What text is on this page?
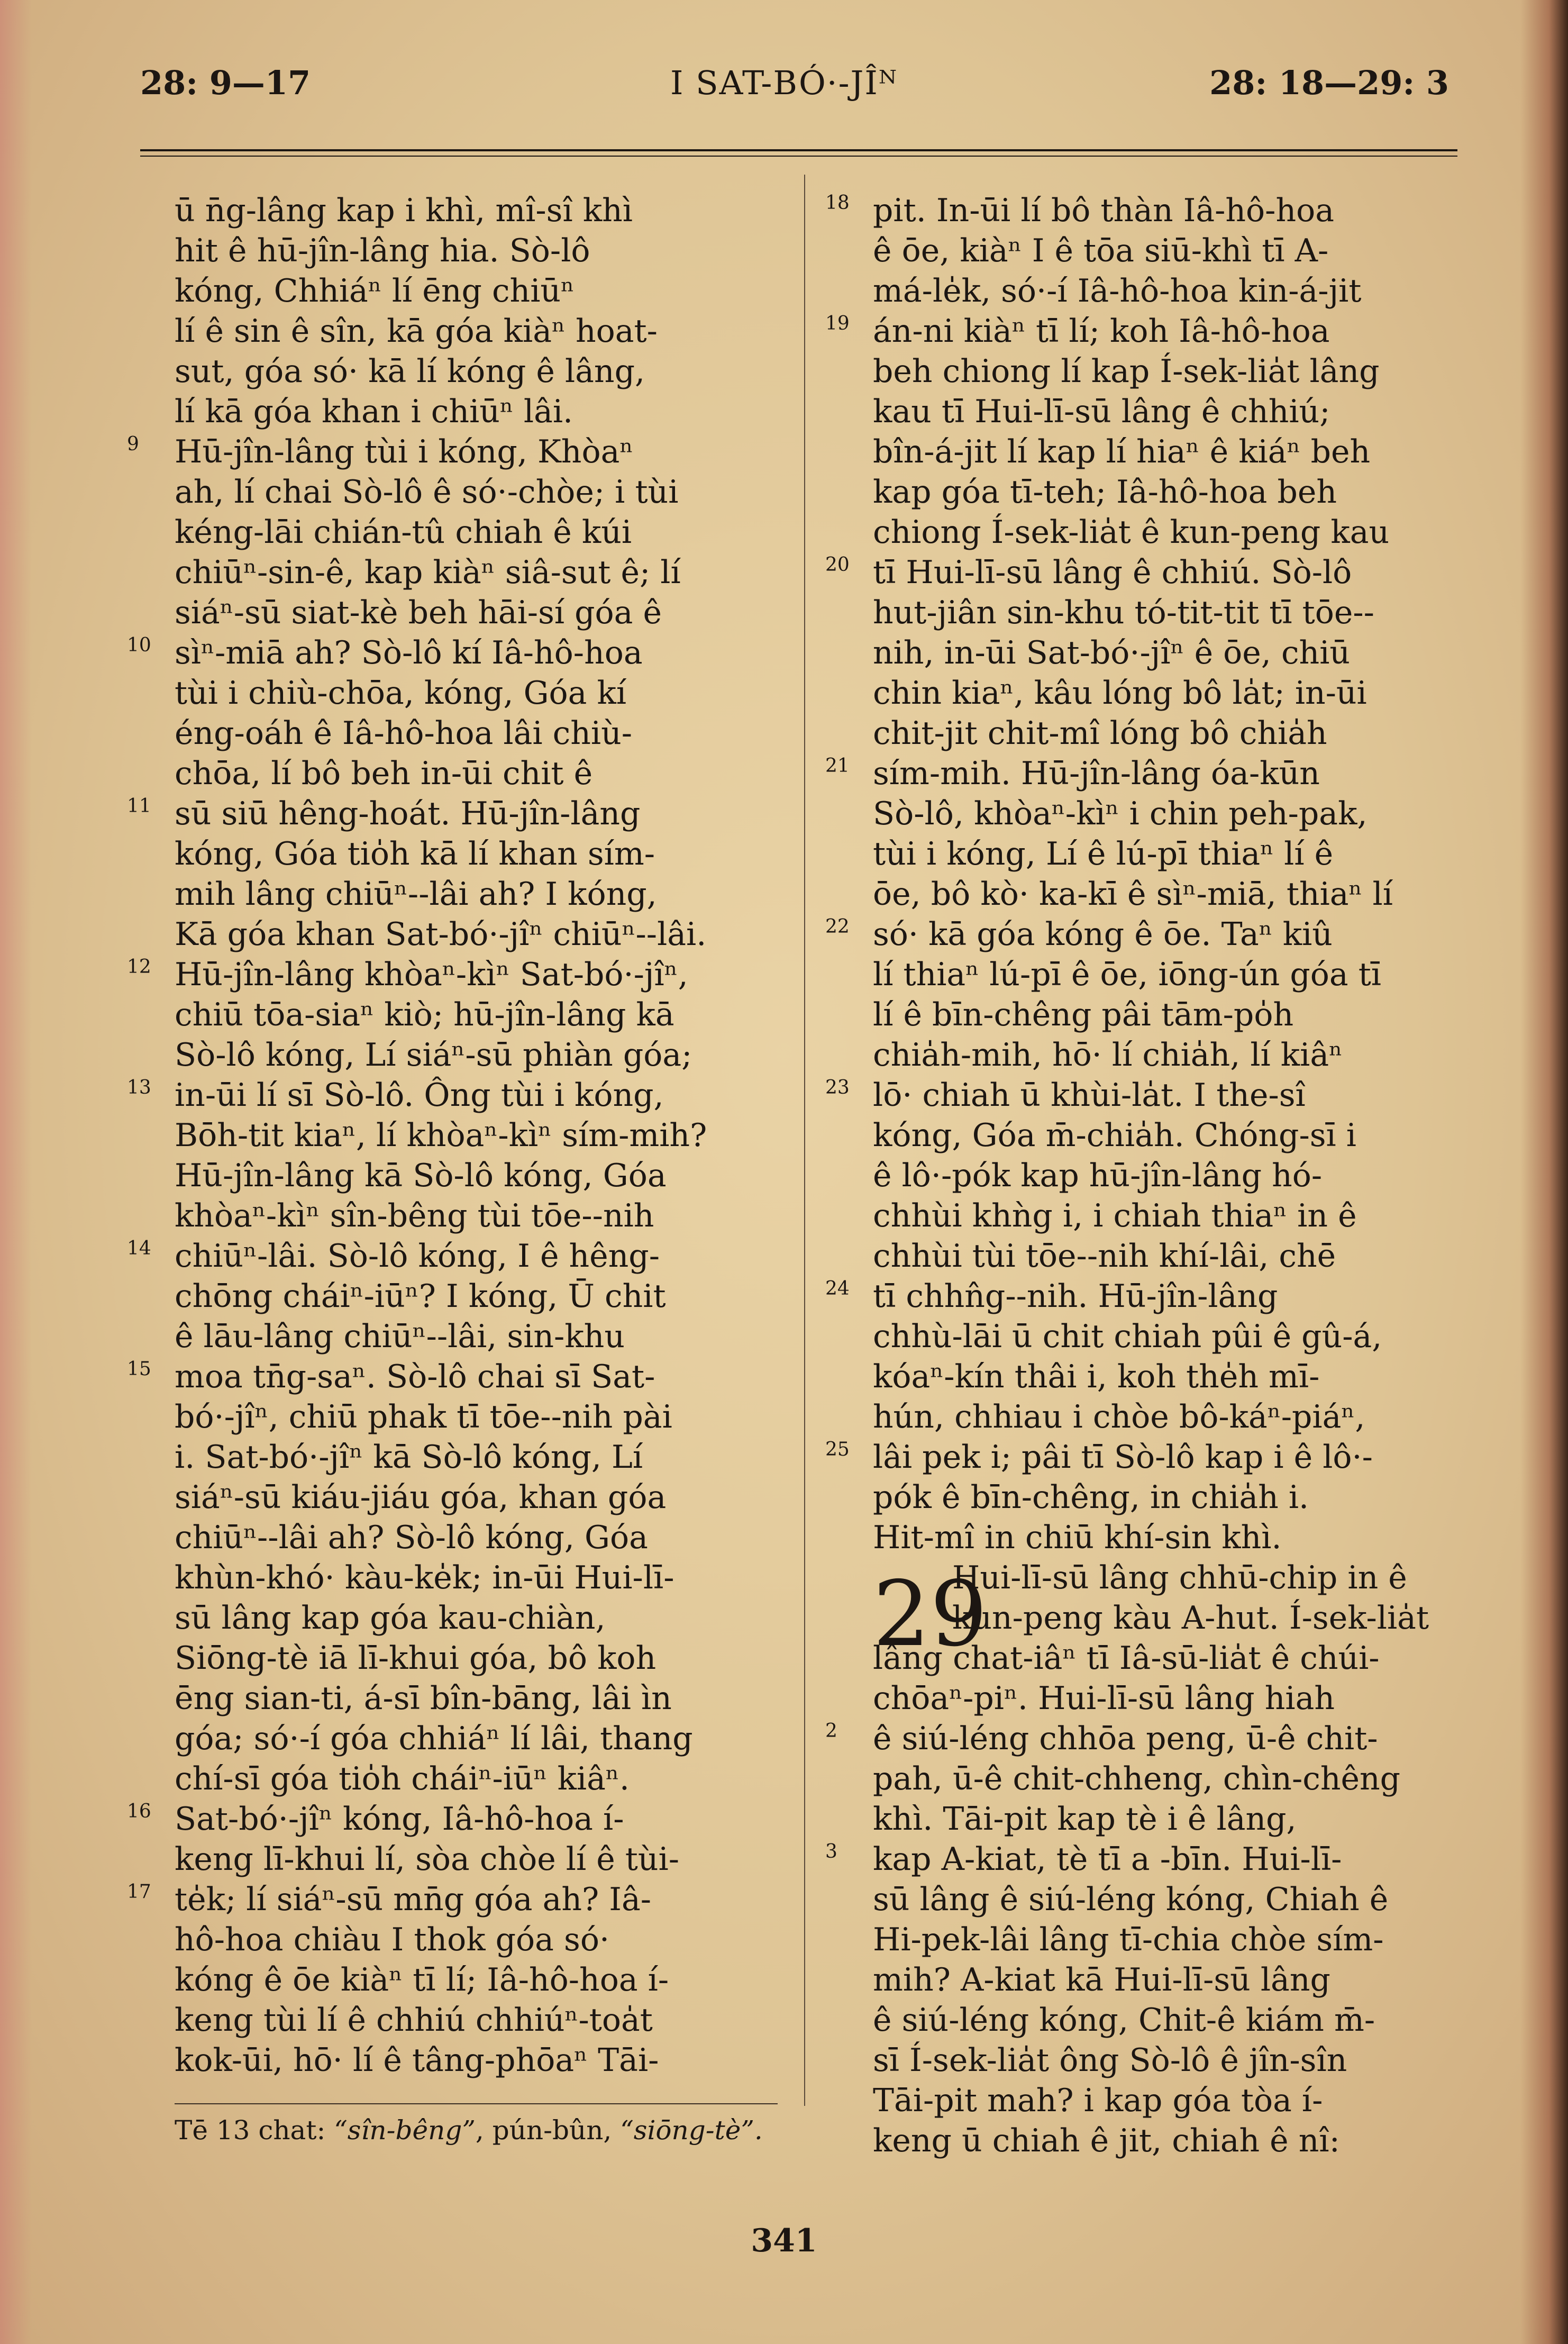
I SAT-BÓ·-JÎᴺ
28: 9—17	28: 18—29: 3
ū n̄g-lâng kap i khì, mî-sî khì
hit ê hū-jîn-lâng hia. Sò-lô
kóng, Chhiáⁿ lí ēng chiūⁿ
lí ê sin ê sîn, kā góa kiàⁿ hoat-
sut, góa só· kā lí kóng ê lâng,
lí kā góa khan i chiūⁿ lâi.
9 Hū-jîn-lâng tùi i kóng, Khòaⁿ
ah, lí chai Sò-lô ê só·-chòe; i tùi
kéng-lāi chián-tû chiah ê kúi
chiūⁿ-sin-ê, kap kiàⁿ siâ-sut ê; lí
siáⁿ-sū siat-kè beh hāi-sí góa ê
10 sìⁿ-miā ah? Sò-lô kí Iâ-hô-hoa
tùi i chiù-chōa, kóng, Góa kí
éng-oáh ê Iâ-hô-hoa lâi chiù-
chōa, lí bô beh in-ūi chit ê
11 sū siū hêng-hoát. Hū-jîn-lâng
kóng, Góa tio̍h kā lí khan sím-
mih lâng chiūⁿ--lâi ah? I kóng,
Kā góa khan Sat-bó·-jîⁿ chiūⁿ--lâi.
12 Hū-jîn-lâng khòaⁿ-kìⁿ Sat-bó·-jîⁿ,
chiū tōa-siaⁿ kiò; hū-jîn-lâng kā
Sò-lô kóng, Lí siáⁿ-sū phiàn góa;
13 in-ūi lí sī Sò-lô. Ông tùi i kóng,
Bōh-tit kiaⁿ, lí khòaⁿ-kìⁿ sím-mih?
Hū-jîn-lâng kā Sò-lô kóng, Góa
khòaⁿ-kìⁿ sîn-bêng tùi tōe--nih
14 chiūⁿ-lâi. Sò-lô kóng, I ê hêng-
chōng cháiⁿ-iūⁿ? I kóng, Ū chit
ê lāu-lâng chiūⁿ--lâi, sin-khu
15 moa tn̄g-saⁿ. Sò-lô chai sī Sat-
bó·-jîⁿ, chiū phak tī tōe--nih pài
i. Sat-bó·-jîⁿ kā Sò-lô kóng, Lí
siáⁿ-sū kiáu-jiáu góa, khan góa
chiūⁿ--lâi ah? Sò-lô kóng, Góa
khùn-khó· kàu-ke̍k; in-ūi Hui-lī-
sū lâng kap góa kau-chiàn,
Siōng-tè iā lī-khui góa, bô koh
ēng sian-ti, á-sī bîn-bāng, lâi ìn
góa; só·-í góa chhiáⁿ lí lâi, thang
chí-sī góa tio̍h cháiⁿ-iūⁿ kiâⁿ.
16 Sat-bó·-jîⁿ kóng, Iâ-hô-hoa í-
keng lī-khui lí, sòa chòe lí ê tùi-
17 te̍k; lí siáⁿ-sū mn̄g góa ah? Iâ-
hô-hoa chiàu I thok góa só·
kóng ê ōe kiàⁿ tī lí; Iâ-hô-hoa í-
keng tùi lí ê chhiú chhiúⁿ-toa̍t
kok-ūi, hō· lí ê tâng-phōaⁿ Tāi-
18 pit. In-ūi lí bô thàn Iâ-hô-hoa
ê ōe, kiàⁿ I ê tōa siū-khì tī A-
má-le̍k, só·-í Iâ-hô-hoa kin-á-jit
19 án-ni kiàⁿ tī lí; koh Iâ-hô-hoa
beh chiong lí kap Í-sek-lia̍t lâng
kau tī Hui-lī-sū lâng ê chhiú;
bîn-á-jit lí kap lí hiaⁿ ê kiáⁿ beh
kap góa tī-teh; Iâ-hô-hoa beh
chiong Í-sek-lia̍t ê kun-peng kau
20 tī Hui-lī-sū lâng ê chhiú. Sò-lô
hut-jiân sin-khu tó-tit-tit tī tōe--
nih, in-ūi Sat-bó·-jîⁿ ê ōe, chiū
chin kiaⁿ, kâu lóng bô la̍t; in-ūi
chit-jit chit-mî lóng bô chia̍h
21 sím-mih. Hū-jîn-lâng óa-kūn
Sò-lô, khòaⁿ-kìⁿ i chin peh-pak,
tùi i kóng, Lí ê lú-pī thiaⁿ lí ê
ōe, bô kò· ka-kī ê sìⁿ-miā, thiaⁿ lí
22 só· kā góa kóng ê ōe. Taⁿ kiû
lí thiaⁿ lú-pī ê ōe, iōng-ún góa tī
lí ê bīn-chêng pâi tām-po̍h
chia̍h-mih, hō· lí chia̍h, lí kiâⁿ
23 lō· chiah ū khùi-la̍t. I the-sî
kóng, Góa m̄-chia̍h. Chóng-sī i
ê lô·-pók kap hū-jîn-lâng hó-
chhùi khǹg i, i chiah thiaⁿ in ê
chhùi tùi tōe--nih khí-lâi, chē
24 tī chhn̂g--nih. Hū-jîn-lâng
chhù-lāi ū chit chiah pûi ê gû-á,
kóaⁿ-kín thâi i, koh the̍h mī-
hún, chhiau i chòe bô-káⁿ-piáⁿ,
25 lâi pek i; pâi tī Sò-lô kap i ê lô·-
pók ê bīn-chêng, in chia̍h i.
Hit-mî in chiū khí-sin khì.
Hui-lī-sū lâng chhū-chip in ê
29
kun-peng kàu A-hut. Í-sek-lia̍t
lâng chat-iâⁿ tī Iâ-sū-lia̍t ê chúi-
chōaⁿ-piⁿ. Hui-lī-sū lâng hiah
2 ê siú-léng chhōa peng, ū-ê chit-
pah, ū-ê chit-chheng, chìn-chêng
khì. Tāi-pit kap tè i ê lâng,
3 kap A-kiat, tè tī a -bīn. Hui-lī-
sū lâng ê siú-léng kóng, Chiah ê
Hi-pek-lâi lâng tī-chia chòe sím-
mih? A-kiat kā Hui-lī-sū lâng
ê siú-léng kóng, Chit-ê kiám m̄-
sī Í-sek-lia̍t ông Sò-lô ê jîn-sîn
Tāi-pit mah? i kap góa tòa í-
keng ū chiah ê jit, chiah ê nî:
Tē 13 chat: “sîn-bêng”, pún-bûn, “siōng-tè”.
341
